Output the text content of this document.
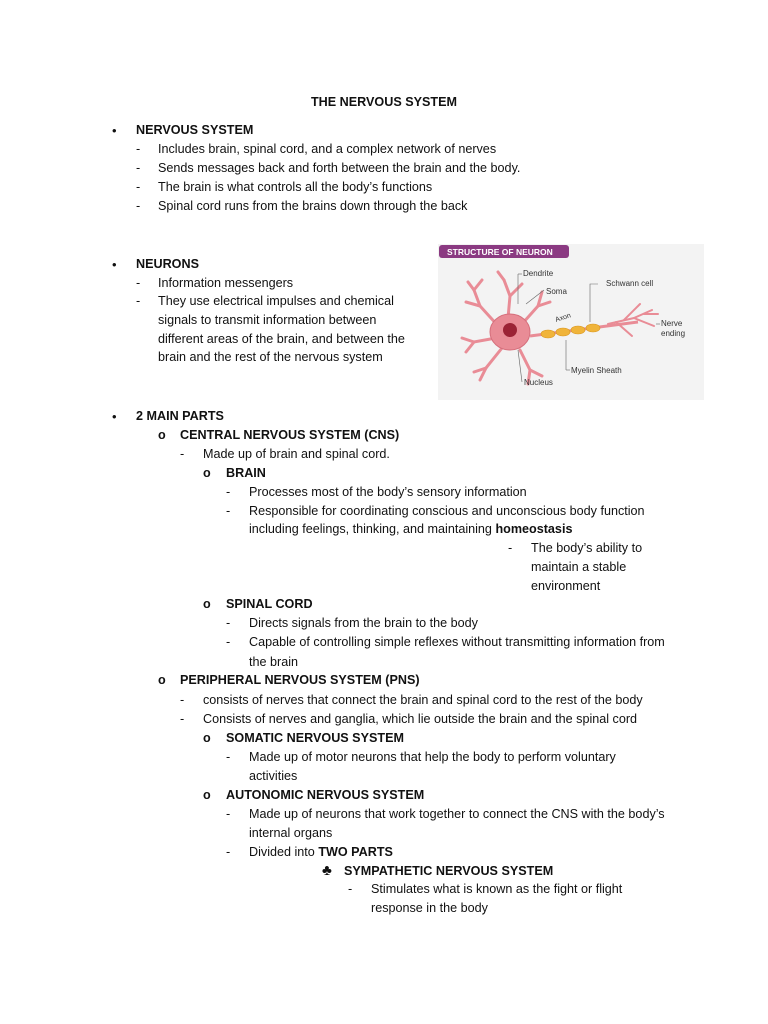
THE NERVOUS SYSTEM
• NERVOUS SYSTEM
- Includes brain, spinal cord, and a complex network of nerves
- Sends messages back and forth between the brain and the body.
- The brain is what controls all the body’s functions
- Spinal cord runs from the brains down through the back
• NEURONS
- Information messengers
- They use electrical impulses and chemical
signals to transmit information between
different areas of the brain, and between the
brain and the rest of the nervous system
STRUCTURE OF NEURON
Dendrite
Soma
Schwann cell
Axon	Nerve
ending
Myelin Sheath
Nucleus
• 2 MAIN PARTS
o CENTRAL NERVOUS SYSTEM (CNS)
- Made up of brain and spinal cord.
o BRAIN
- Processes most of the body’s sensory information
- Responsible for coordinating conscious and unconscious body function
including feelings, thinking, and maintaining homeostasis
- The body’s ability to
maintain a stable
environment
o SPINAL CORD
- Directs signals from the brain to the body
- Capable of controlling simple reflexes without transmitting information from
the brain
o PERIPHERAL NERVOUS SYSTEM (PNS)
- consists of nerves that connect the brain and spinal cord to the rest of the body
- Consists of nerves and ganglia, which lie outside the brain and the spinal cord
o SOMATIC NERVOUS SYSTEM
- Made up of motor neurons that help the body to perform voluntary
activities
o AUTONOMIC NERVOUS SYSTEM
- Made up of neurons that work together to connect the CNS with the body’s
internal organs
- Divided into TWO PARTS
♣ SYMPATHETIC NERVOUS SYSTEM
- Stimulates what is known as the fight or flight
response in the body
